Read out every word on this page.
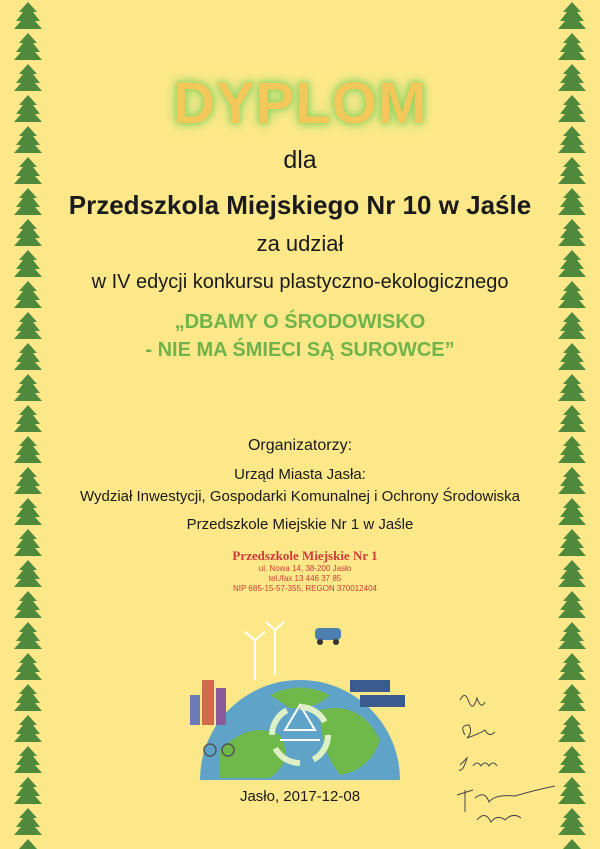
DYPLOM
dla
Przedszkola Miejskiego Nr 10 w Jaśle
za udział
w IV edycji konkursu plastyczno-ekologicznego
„DBAMY O ŚRODOWISKO
- NIE MA ŚMIECI SĄ SUROWCE”
Organizatorzy:
Urząd Miasta Jasła:
Wydział Inwestycji, Gospodarki Komunalnej i Ochrony Środowiska
Przedszkole Miejskie Nr 1 w Jaśle
Przedszkole Miejskie Nr 1
ul. Nowa 14, 38-200 Jasło
tel./fax 13 446 37 85
NIP 685-15-57-355, REGON 370012404
Jasło, 2017-12-08
